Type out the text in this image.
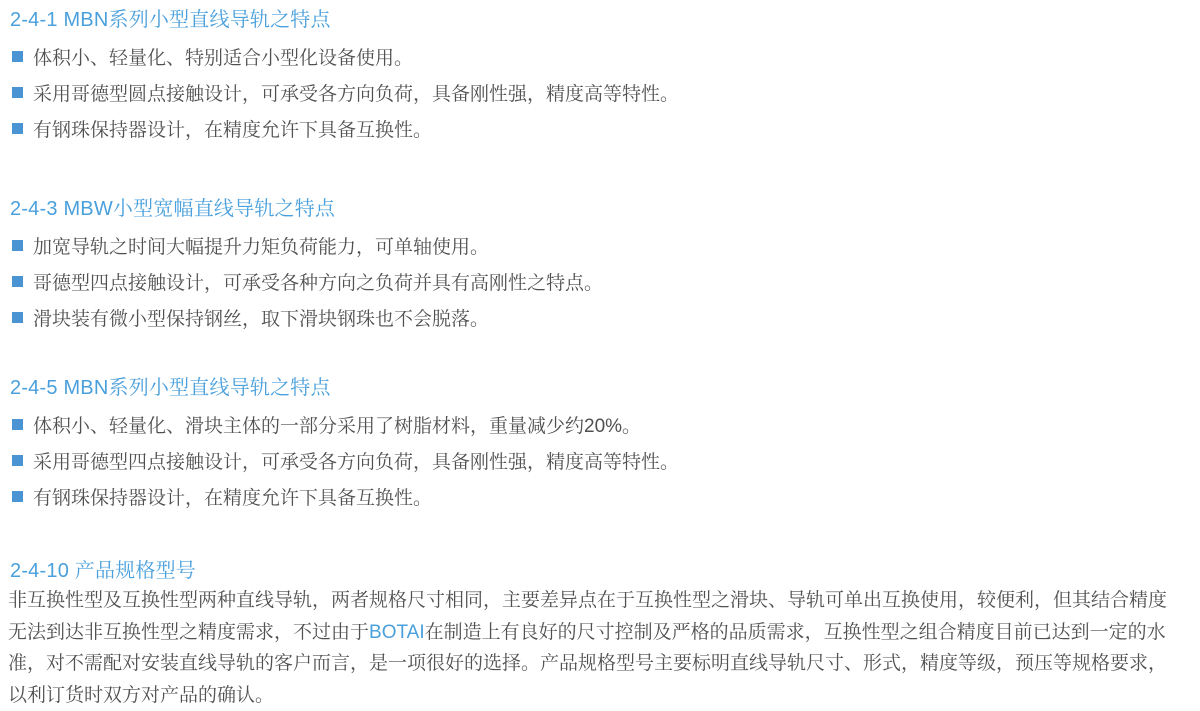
2-4-1 MBN系列小型直线导轨之特点
体积小、轻量化、特别适合小型化设备使用。
采用哥德型圆点接触设计，可承受各方向负荷，具备刚性强，精度高等特性。
有钢珠保持器设计，在精度允许下具备互换性。
2-4-3 MBW小型宽幅直线导轨之特点
加宽导轨之时间大幅提升力矩负荷能力，可单轴使用。
哥德型四点接触设计，可承受各种方向之负荷并具有高刚性之特点。
滑块装有微小型保持钢丝，取下滑块钢珠也不会脱落。
2-4-5 MBN系列小型直线导轨之特点
体积小、轻量化、滑块主体的一部分采用了树脂材料，重量减少约20%。
采用哥德型四点接触设计，可承受各方向负荷，具备刚性强，精度高等特性。
有钢珠保持器设计，在精度允许下具备互换性。
2-4-10 产品规格型号

非互换性型及互换性型两种直线导轨，两者规格尺寸相同，主要差异点在于互换性型之滑块、导轨可单出互换使用，较便利，但其结合精度无法到达非互换性型之精度需求，不过由于BOTAI在制造上有良好的尺寸控制及严格的品质需求，互换性型之组合精度目前已达到一定的水准，对不需配对安装直线导轨的客户而言，是一项很好的选择。产品规格型号主要标明直线导轨尺寸、形式，精度等级，预压等规格要求，以利订货时双方对产品的确认。
